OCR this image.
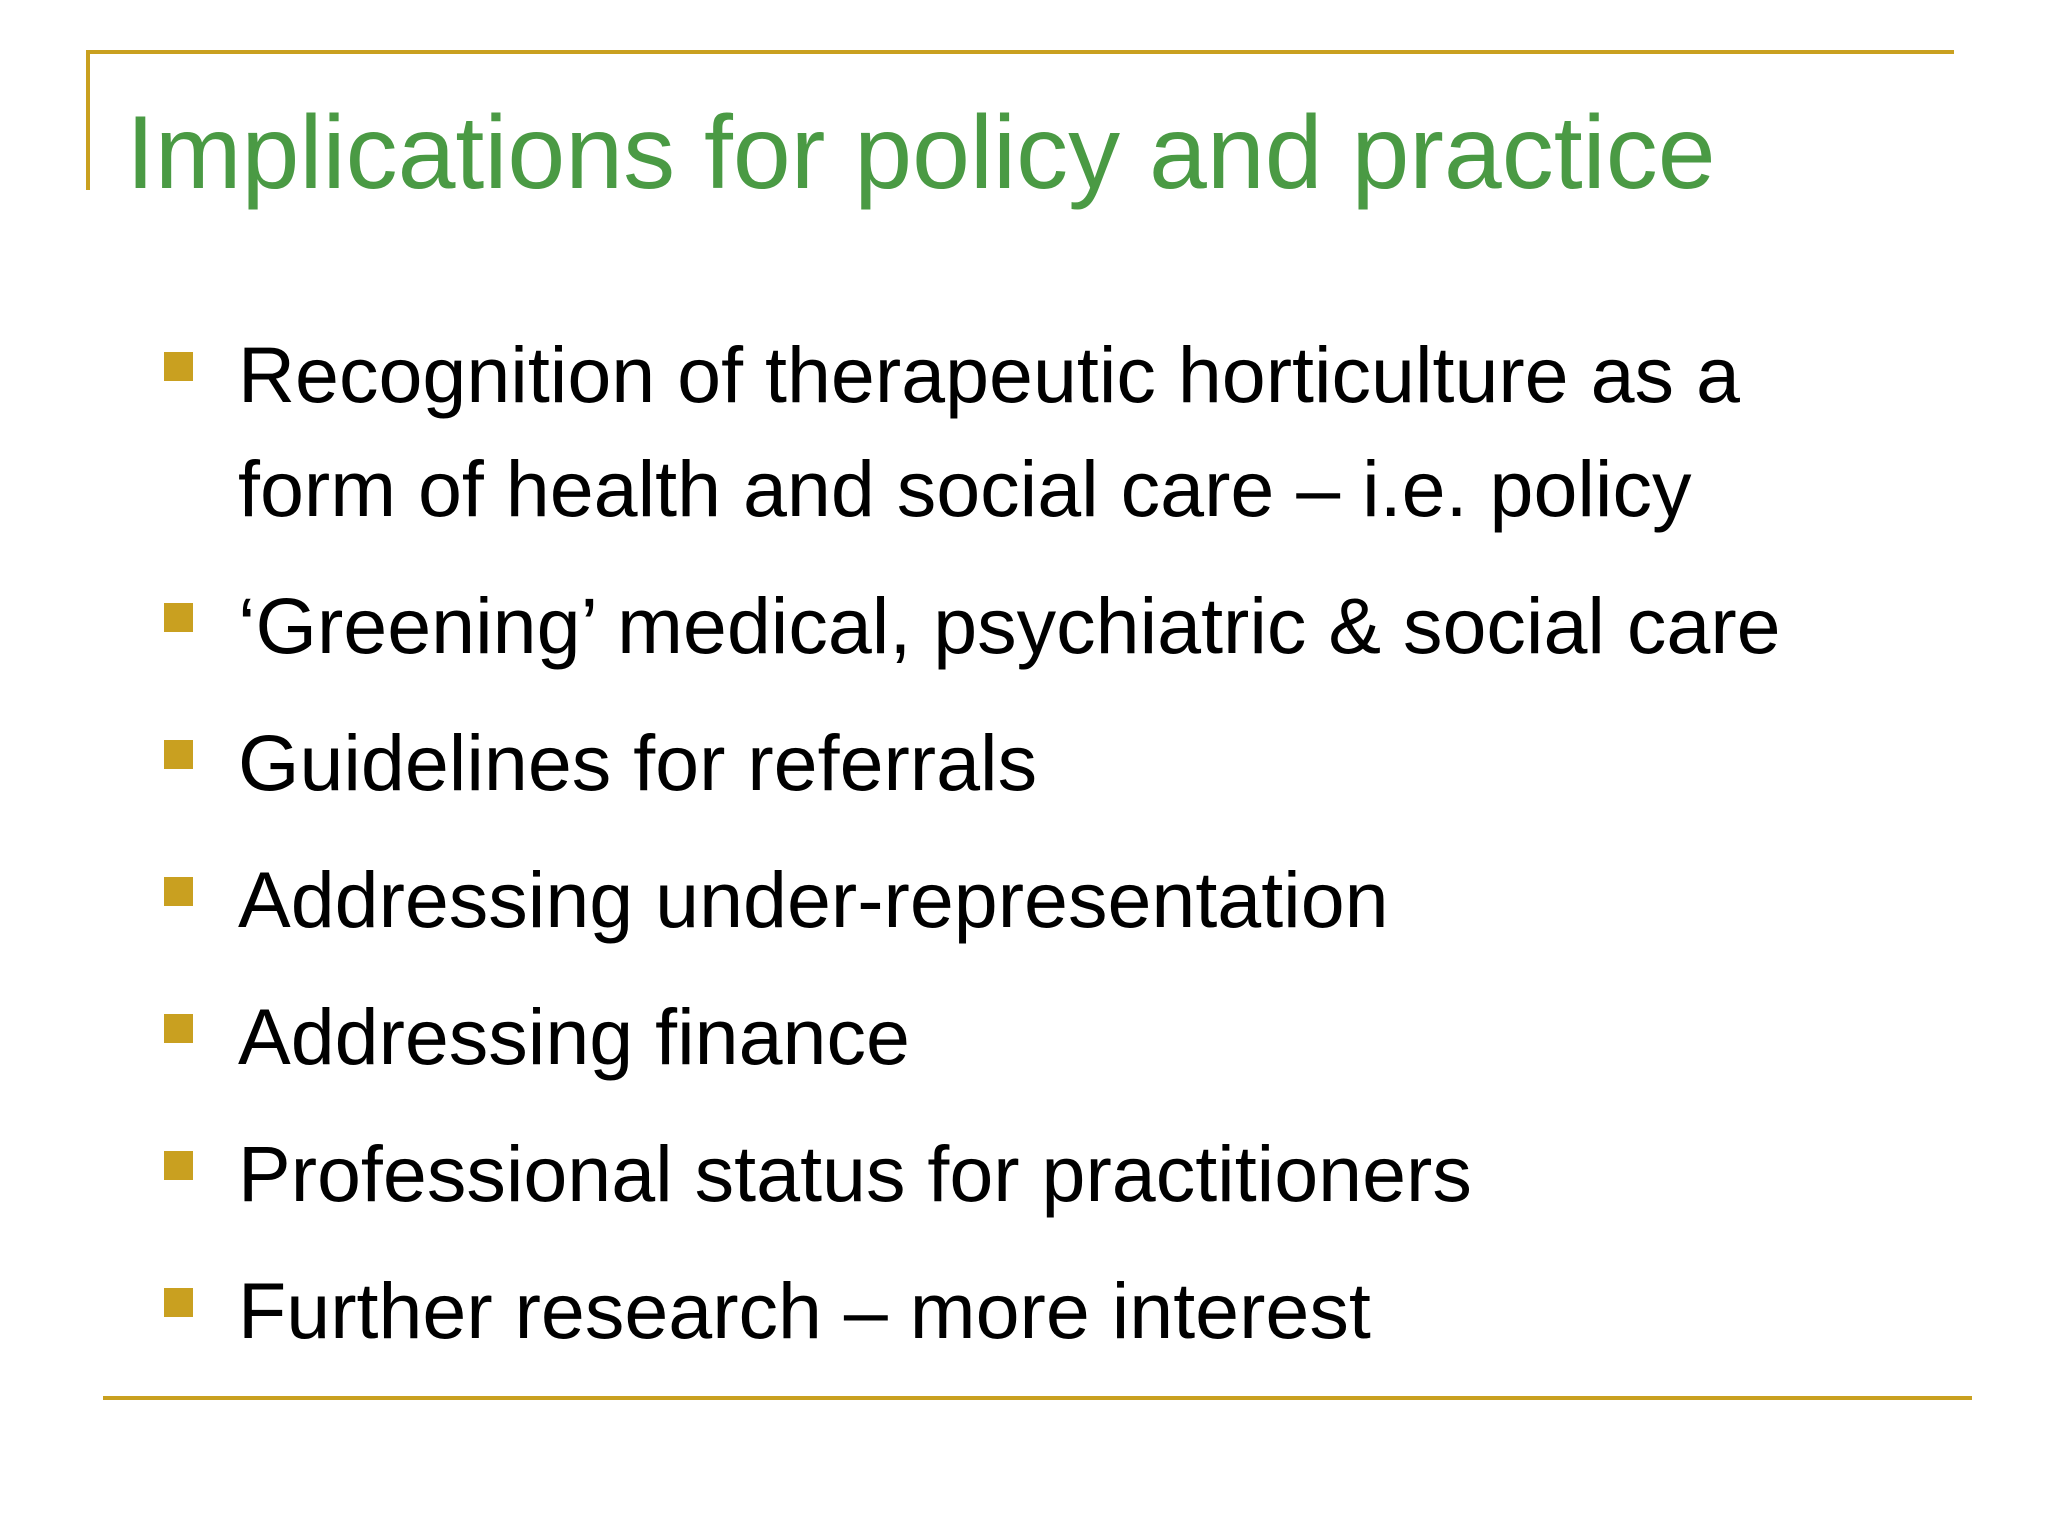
Implications for policy and practice
Recognition of therapeutic horticulture as a
form of health and social care – i.e. policy
‘Greening’ medical, psychiatric & social care
Guidelines for referrals
Addressing under-representation
Addressing finance
Professional status for practitioners
Further research – more interest
